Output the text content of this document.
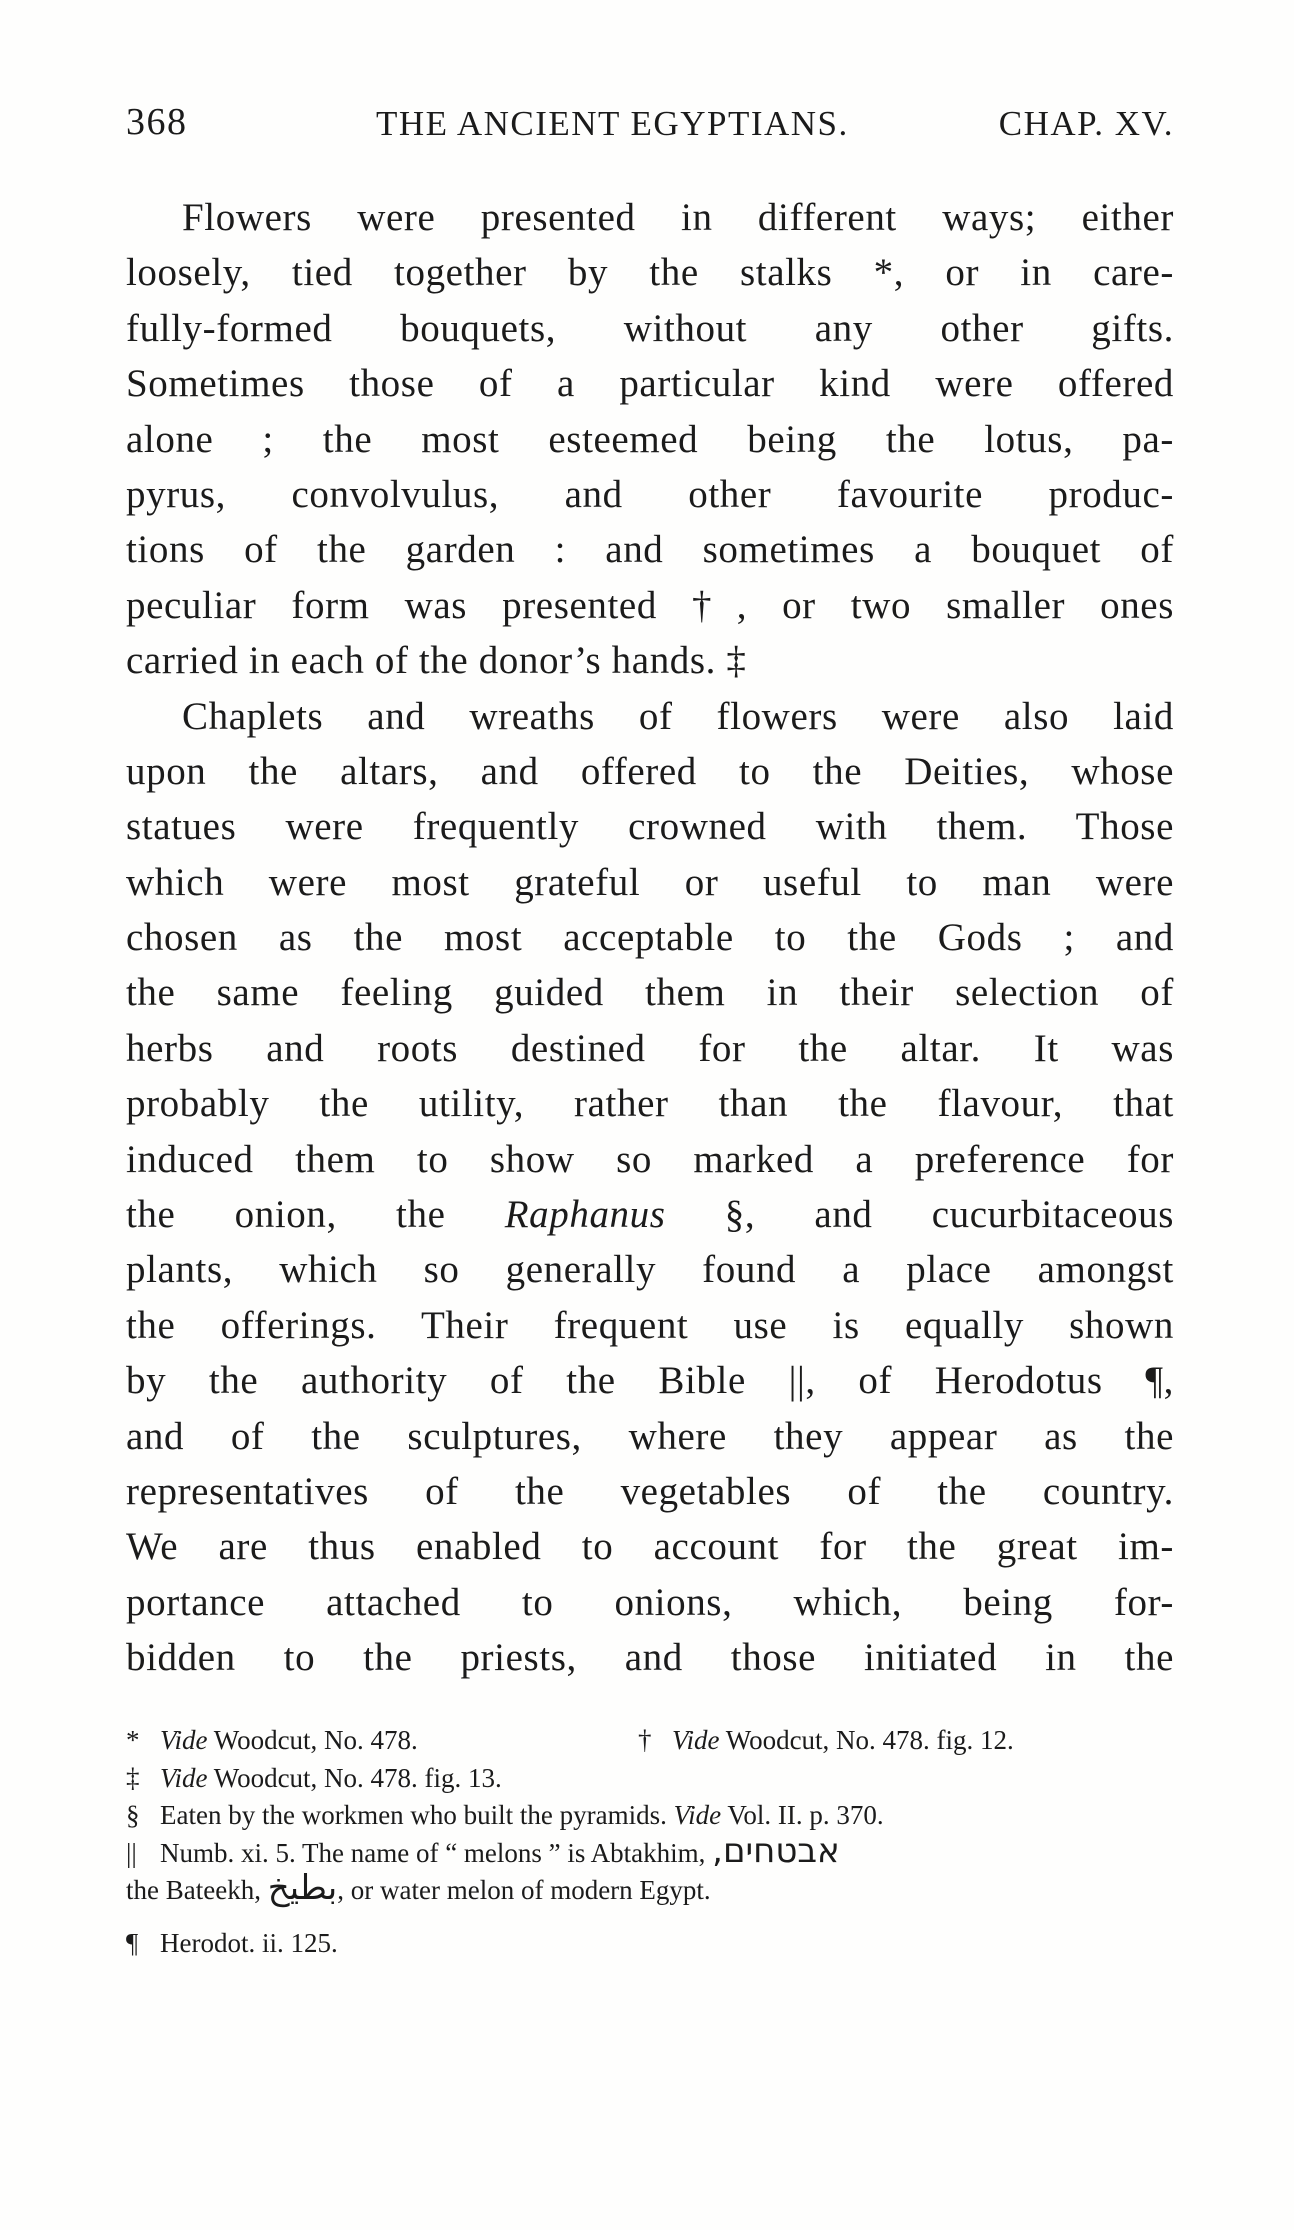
368	THE ANCIENT EGYPTIANS.	CHAP. XV.
Flowers were presented in different ways; either
loosely, tied together by the stalks *, or in care-
fully-formed bouquets, without any other gifts.
Sometimes those of a particular kind were offered
alone ; the most esteemed being the lotus, pa-
pyrus, convolvulus, and other favourite produc-
tions of the garden : and sometimes a bouquet of
peculiar form was presented †, or two smaller ones
carried in each of the donor’s hands. ‡
Chaplets and wreaths of flowers were also laid
upon the altars, and offered to the Deities, whose
statues were frequently crowned with them. Those
which were most grateful or useful to man were
chosen as the most acceptable to the Gods ; and
the same feeling guided them in their selection of
herbs and roots destined for the altar. It was
probably the utility, rather than the flavour, that
induced them to show so marked a preference for
the onion, the Raphanus §, and cucurbitaceous
plants, which so generally found a place amongst
the offerings. Their frequent use is equally shown
by the authority of the Bible ||, of Herodotus ¶,
and of the sculptures, where they appear as the
representatives of the vegetables of the country.
We are thus enabled to account for the great im-
portance attached to onions, which, being for-
bidden to the priests, and those initiated in the
* Vide Woodcut, No. 478.	† Vide Woodcut, No. 478. fig. 12.
‡ Vide Woodcut, No. 478. fig. 13.
§ Eaten by the workmen who built the pyramids. Vide Vol. II. p. 370.
|| Numb. xi. 5. The name of “ melons ” is Abtakhim, אבטחים,
the Bateekh, بطيخ, or water melon of modern Egypt.
¶ Herodot. ii. 125.
